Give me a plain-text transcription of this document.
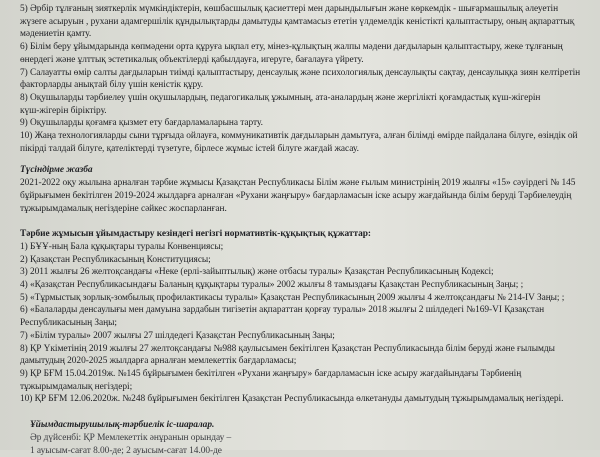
5) Әрбір тұлғаның зияткерлік мүмкіндіктерін, көшбасшылық қасиеттері мен дарындылығын және көркемдік - шығармашылық әлеуетін
жүзеге асыруын , рухани адамгершілік құндылықтарды дамытуды қамтамасыз ететін үлдемелдік кеністікті қалыптастыру, оның ақпараттық
мәдениетін қамту.
6) Білім беру ұйымдарында көпмәдени орта құруға ықпал ету, мінез-құлықтың жалпы мәдени дағдыларын қалыптастыру, жеке тұлғаның
өнердегі және ұлттық эстетикалық объектілерді қабылдауға, игеруге, бағалауға үйрету.
7) Салауатты өмір салты дағдыларын тиімді қалыптастыру, денсаулық және психологиялық денсаулықты сақтау, денсаулыққа зиян келтіретін
факторларды анықтай білу үшін кеністік құру.
8) Оқушыларды тәрбиелеу үшін оқушылардың, педагогикалық ұжымның, ата-аналардың және жергілікті қоғамдастық күш-жігерін
күш-жігерін біріктіру.
9) Оқушыларды қоғамға қызмет ету бағдарламаларына тарту.
10) Жаңа технологияларды сыни тұрғыда ойлауға, коммуникативтік дағдыларын дамытуға, алған білімді өмірде пайдалана білуге, өзіндік ой
пікірді талдай білуге, қателіктерді түзетуге, бірлесе жұмыс істей білуге жағдай жасау.
Түсіндірме жазба
2021-2022 оқу жылына арналған тәрбие жұмысы Қазақстан Республикасы Білім және ғылым министрінің 2019 жылғы «15» сәуірдегі № 145
бұйрығымен бекітілген 2019-2024 жылдарға арналған «Рухани жаңғыру» бағдарламасын іске асыру жағдайында білім беруді Тәрбиелеудің
тұжырымдамалық негіздеріне сәйкес жоспарланған.
Тәрбие жұмысын ұйымдастыру кезіндегі негізгі нормативтік-құқықтық құжаттар:
1) БҰҰ-ның Бала құқықтары туралы Конвенциясы;
2) Қазақстан Республикасының Конституциясы;
3) 2011 жылғы 26 желтоқсандағы «Неке (ерлі-зайыптылық) және отбасы туралы» Қазақстан Республикасының Кодексі;
4) «Қазақстан Республикасындағы Баланың құқықтары туралы» 2002 жылғы 8 тамыздағы Қазақстан Республикасының Заңы; ;
5) «Тұрмыстық зорлық-зомбылық профилактикасы туралы» Қазақстан Республикасының 2009 жылғы 4 желтоқсандағы № 214-IV Заңы; ;
6) «Балаларды денсаулығы мен дамуына зардабын тигізетін ақпараттан қорғау туралы» 2018 жылғы 2 шілдедегі №169-VI Қазақстан
Республикасының Заңы;
7) «Білім туралы» 2007 жылғы 27 шілдедегі Қазақстан Республикасының Заңы;
8) ҚР Үкіметінің 2019 жылғы 27 желтоқсандағы №988 қаулысымен бекітілген Қазақстан Республикасында білім беруді және ғылымды
дамытудың 2020-2025 жылдарға арналған мемлекеттік бағдарламасы;
9) ҚР БҒМ 15.04.2019ж. №145 бұйрығымен бекітілген «Рухани жаңғыру» бағдарламасын іске асыру жағдайындағы Тәрбиенің
тұжырымдамалық негіздері;
10) ҚР БҒМ 12.06.2020ж. №248 бұйрығымен бекітілген Қазақстан Республикасында өлкетануды дамытудың тұжырымдамалық негіздері.
Ұйымдастырушылық-тәрбиелік іс-шаралар.
Әр дүйсенбі: ҚР Мемлекеттік әнұранын орындау –
1 ауысым-сағат 8.00-де; 2 ауысым-сағат 14.00-де
